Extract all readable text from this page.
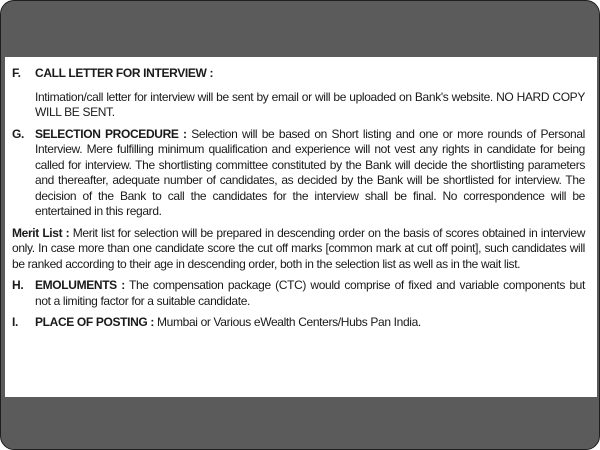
F.	CALL LETTER FOR INTERVIEW :
Intimation/call letter for interview will be sent by email or will be uploaded on Bank's website. NO HARD COPY WILL BE SENT.
G. SELECTION PROCEDURE : Selection will be based on Short listing and one or more rounds of Personal Interview. Mere fulfilling minimum qualification and experience will not vest any rights in candidate for being called for interview. The shortlisting committee constituted by the Bank will decide the shortlisting parameters and thereafter, adequate number of candidates, as decided by the Bank will be shortlisted for interview. The decision of the Bank to call the candidates for the interview shall be final. No correspondence will be entertained in this regard.
Merit List : Merit list for selection will be prepared in descending order on the basis of scores obtained in interview only. In case more than one candidate score the cut off marks [common mark at cut off point], such candidates will be ranked according to their age in descending order, both in the selection list as well as in the wait list.
H. EMOLUMENTS : The compensation package (CTC) would comprise of fixed and variable components but not a limiting factor for a suitable candidate.
I.	PLACE OF POSTING : Mumbai or Various eWealth Centers/Hubs Pan India.
